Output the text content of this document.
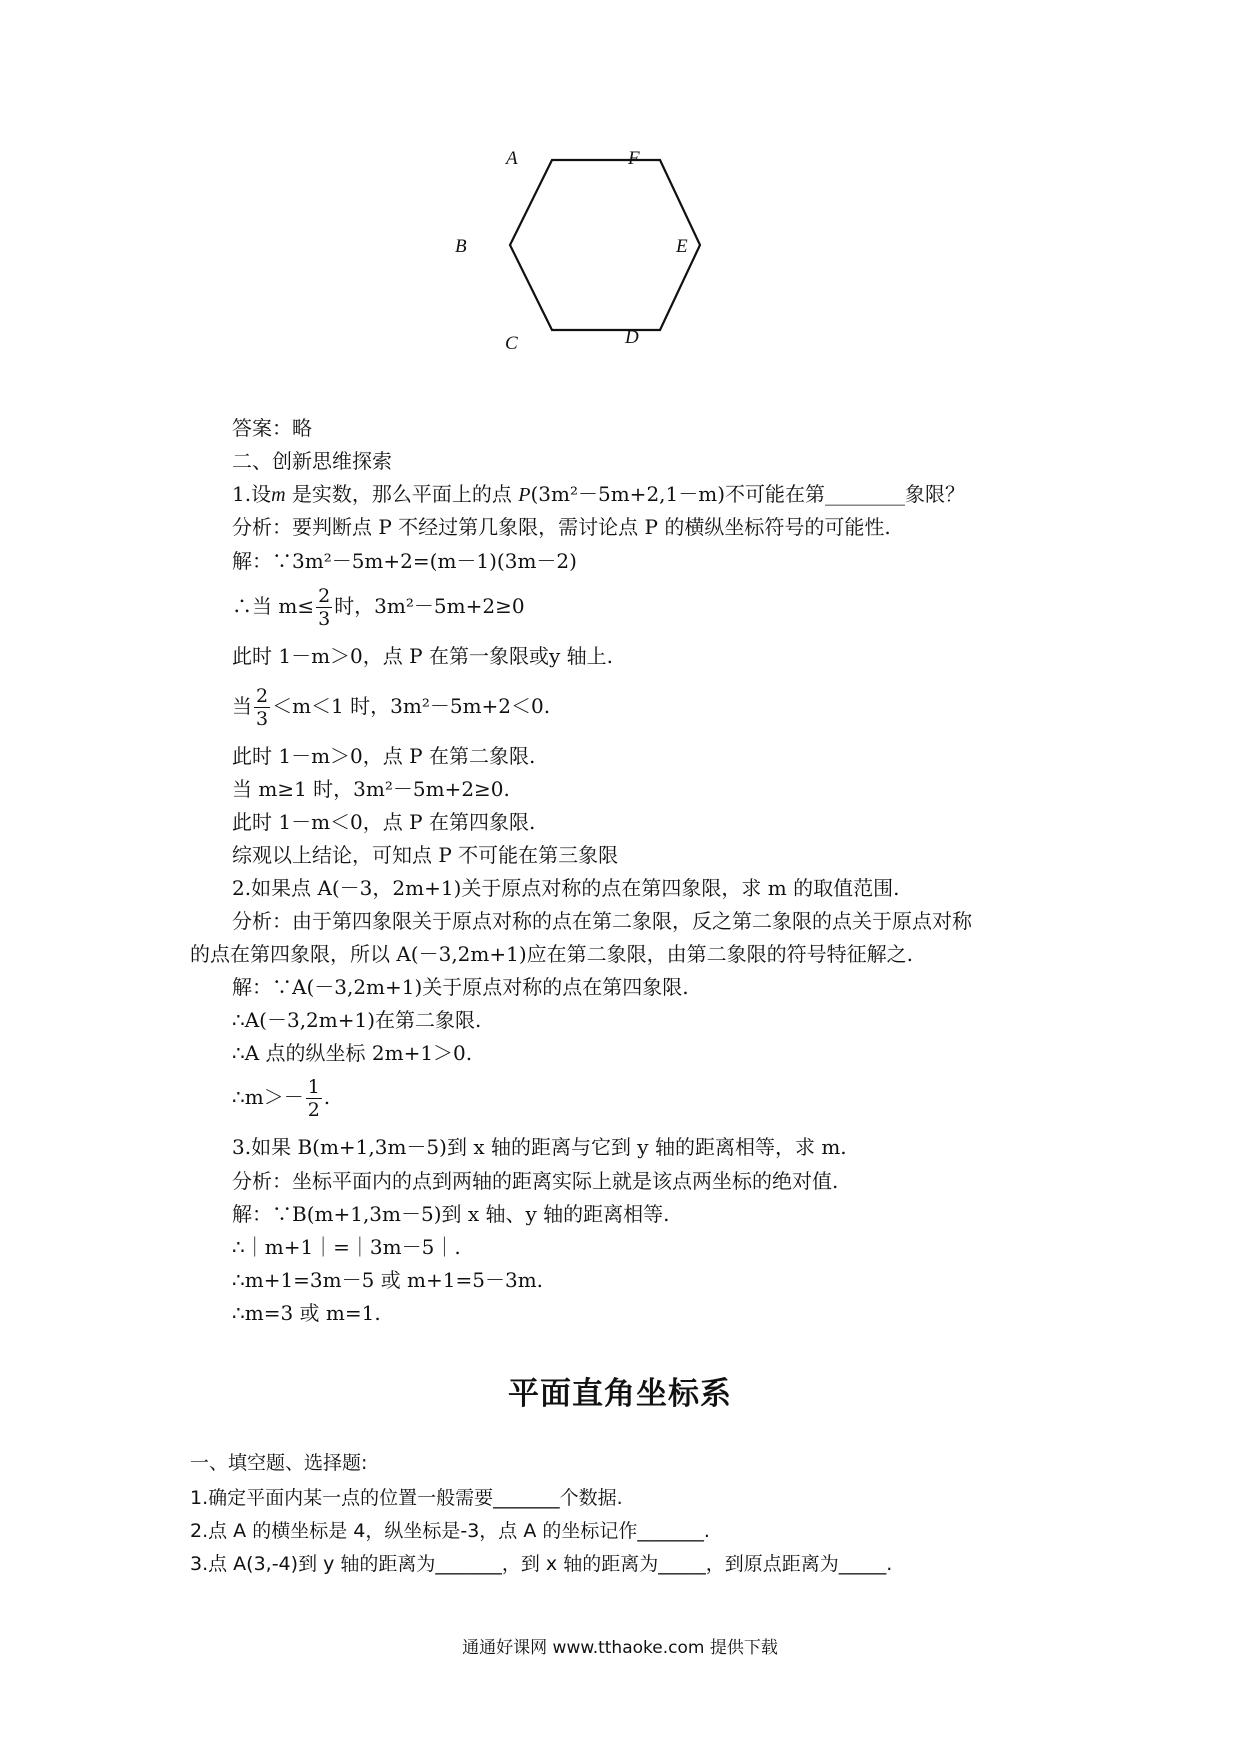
A	F
B	E
C	D
答案：略
二、创新思维探索
1.设m 是实数，那么平面上的点 P(3m²－5m+2,1－m)不可能在第________象限？
分析：要判断点 P 不经过第几象限，需讨论点 P 的横纵坐标符号的可能性.
解：∵3m²－5m+2=(m－1)(3m－2)
∴当 $m\le \frac{2}{3}$ 时，3m²－5m+2≥0
此时 1－m＞0，点 P 在第一象限或y 轴上.
当 $\frac{2}{3} <m<1$ 时，3m²－5m+2＜0.
此时 1－m＞0，点 P 在第二象限.
当 m≥1 时，3m²－5m+2≥0.
此时 1－m＜0，点 P 在第四象限.
综观以上结论，可知点 P 不可能在第三象限
2.如果点 A(－3，2m+1)关于原点对称的点在第四象限，求 m 的取值范围.
分析：由于第四象限关于原点对称的点在第二象限，反之第二象限的点关于原点对称
的点在第四象限，所以 A(－3,2m+1)应在第二象限，由第二象限的符号特征解之.
解：∵A(－3,2m+1)关于原点对称的点在第四象限.
∴A(－3,2m+1)在第二象限.
∴A 点的纵坐标 2m+1＞0.
∴m＞－ $\frac{1}{2}$ .
3.如果 B(m+1,3m－5)到 x 轴的距离与它到 y 轴的距离相等，求 m.
分析：坐标平面内的点到两轴的距离实际上就是该点两坐标的绝对值.
解：∵B(m+1,3m－5)到 x 轴、y 轴的距离相等.
∴｜m+1｜=｜3m－5｜.
∴m+1=3m－5 或 m+1=5－3m.
∴m=3 或 m=1.
平面直角坐标系
一、填空题、选择题:
1.确定平面内某一点的位置一般需要_______个数据.
2.点 A 的横坐标是 4，纵坐标是-3，点 A 的坐标记作_______.
3.点 A(3,-4)到 y 轴的距离为_______，到 x 轴的距离为_____，到原点距离为_____.
通通好课网 www.tthaoke.com 提供下载
